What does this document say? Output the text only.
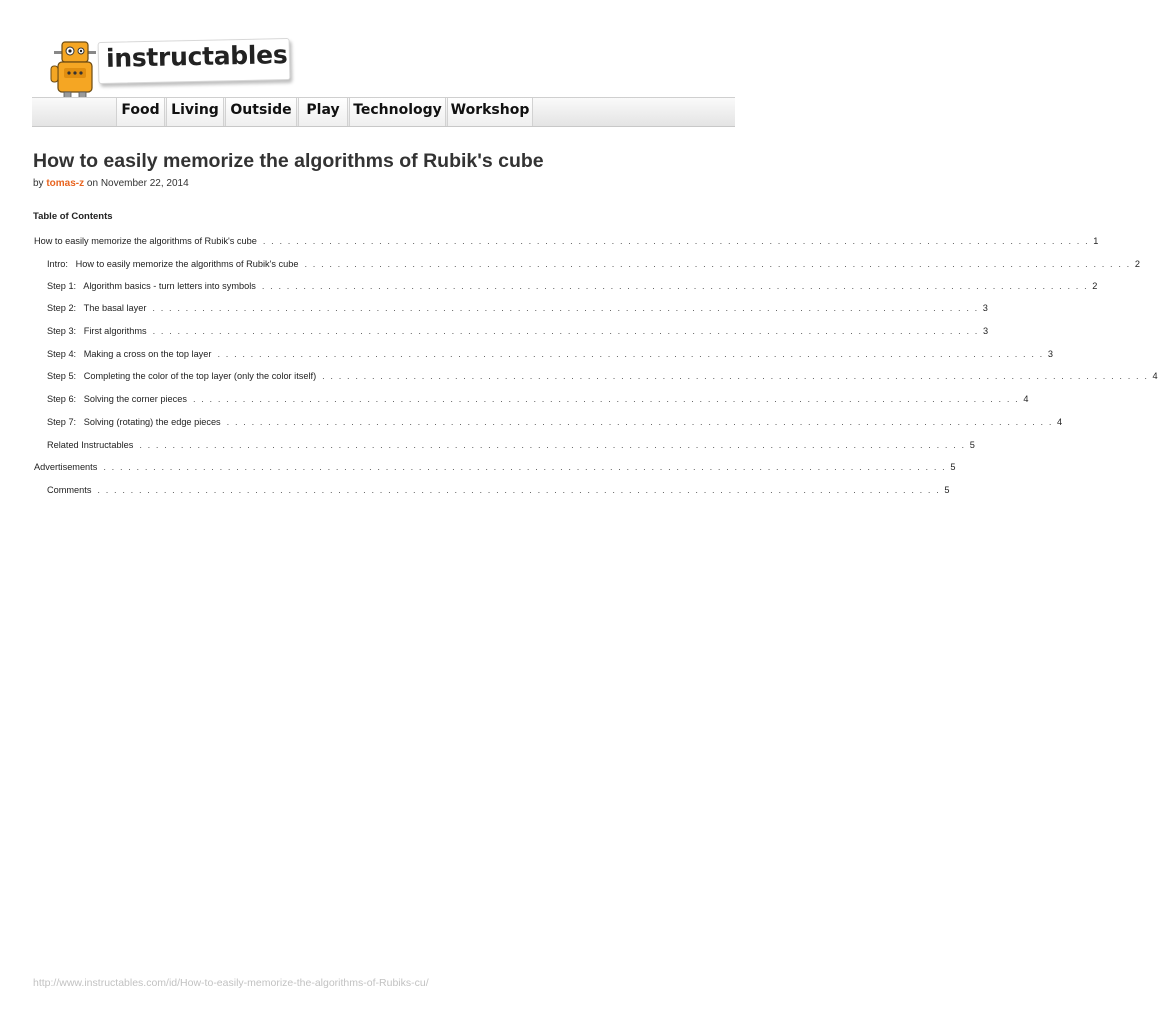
instructables
Food Living Outside	Play Technology Workshop
How to easily memorize the algorithms of Rubik's cube
by tomas-z on November 22, 2014
Table of Contents
How to easily memorize the algorithms of Rubik's cube . . . . . . . . . . . . . . . . . . . . . . . . . . . . . . . . . . . . . . . . . . . . . . . . . . . . . . . . . . . . . . . . . . . . . . . . . . . . . . . . . . . . . . . . . . . . . . . . . . . . 1
Intro:   How to easily memorize the algorithms of Rubik's cube . . . . . . . . . . . . . . . . . . . . . . . . . . . . . . . . . . . . . . . . . . . . . . . . . . . . . . . . . . . . . . . . . . . . . . . . . . . . . . . . . . . . . . . . . . . . . . . . . . . . 2
Step 1:   Algorithm basics - turn letters into symbols . . . . . . . . . . . . . . . . . . . . . . . . . . . . . . . . . . . . . . . . . . . . . . . . . . . . . . . . . . . . . . . . . . . . . . . . . . . . . . . . . . . . . . . . . . . . . . . . . . . . 2
Step 2:   The basal layer . . . . . . . . . . . . . . . . . . . . . . . . . . . . . . . . . . . . . . . . . . . . . . . . . . . . . . . . . . . . . . . . . . . . . . . . . . . . . . . . . . . . . . . . . . . . . . . . . . . . 3
Step 3:   First algorithms . . . . . . . . . . . . . . . . . . . . . . . . . . . . . . . . . . . . . . . . . . . . . . . . . . . . . . . . . . . . . . . . . . . . . . . . . . . . . . . . . . . . . . . . . . . . . . . . . . . . 3
Step 4:   Making a cross on the top layer . . . . . . . . . . . . . . . . . . . . . . . . . . . . . . . . . . . . . . . . . . . . . . . . . . . . . . . . . . . . . . . . . . . . . . . . . . . . . . . . . . . . . . . . . . . . . . . . . . . . 3
Step 5:   Completing the color of the top layer (only the color itself) . . . . . . . . . . . . . . . . . . . . . . . . . . . . . . . . . . . . . . . . . . . . . . . . . . . . . . . . . . . . . . . . . . . . . . . . . . . . . . . . . . . . . . . . . . . . . . . . . . . . 4
Step 6:   Solving the corner pieces . . . . . . . . . . . . . . . . . . . . . . . . . . . . . . . . . . . . . . . . . . . . . . . . . . . . . . . . . . . . . . . . . . . . . . . . . . . . . . . . . . . . . . . . . . . . . . . . . . . . 4
Step 7:   Solving (rotating) the edge pieces . . . . . . . . . . . . . . . . . . . . . . . . . . . . . . . . . . . . . . . . . . . . . . . . . . . . . . . . . . . . . . . . . . . . . . . . . . . . . . . . . . . . . . . . . . . . . . . . . . . . 4
Related Instructables . . . . . . . . . . . . . . . . . . . . . . . . . . . . . . . . . . . . . . . . . . . . . . . . . . . . . . . . . . . . . . . . . . . . . . . . . . . . . . . . . . . . . . . . . . . . . . . . . . . . 5
Advertisements . . . . . . . . . . . . . . . . . . . . . . . . . . . . . . . . . . . . . . . . . . . . . . . . . . . . . . . . . . . . . . . . . . . . . . . . . . . . . . . . . . . . . . . . . . . . . . . . . . . . . . 5
Comments . . . . . . . . . . . . . . . . . . . . . . . . . . . . . . . . . . . . . . . . . . . . . . . . . . . . . . . . . . . . . . . . . . . . . . . . . . . . . . . . . . . . . . . . . . . . . . . . . . . . . . 5
http://www.instructables.com/id/How-to-easily-memorize-the-algorithms-of-Rubiks-cu/
